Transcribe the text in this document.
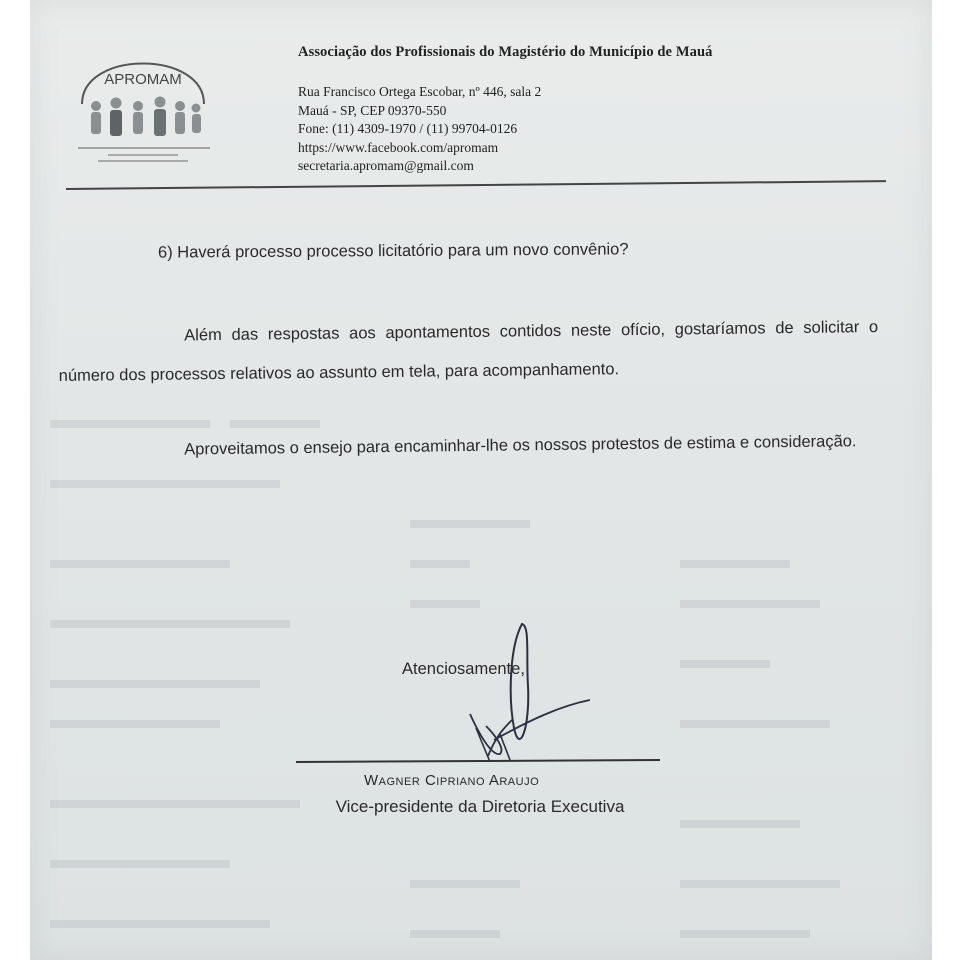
APROMAM
Associação dos Profissionais do Magistério do Município de Mauá
Rua Francisco Ortega Escobar, nº 446, sala 2
Mauá - SP, CEP 09370-550
Fone: (11) 4309-1970 / (11) 99704-0126
https://www.facebook.com/apromam
secretaria.apromam@gmail.com
6) Haverá processo processo licitatório para um novo convênio?
Além das respostas aos apontamentos contidos neste ofício, gostaríamos de solicitar o número dos processos relativos ao assunto em tela, para acompanhamento.
Aproveitamos o ensejo para encaminhar-lhe os nossos protestos de estima e consideração.
Atenciosamente,
Wagner Cipriano Araujo
Vice-presidente da Diretoria Executiva
